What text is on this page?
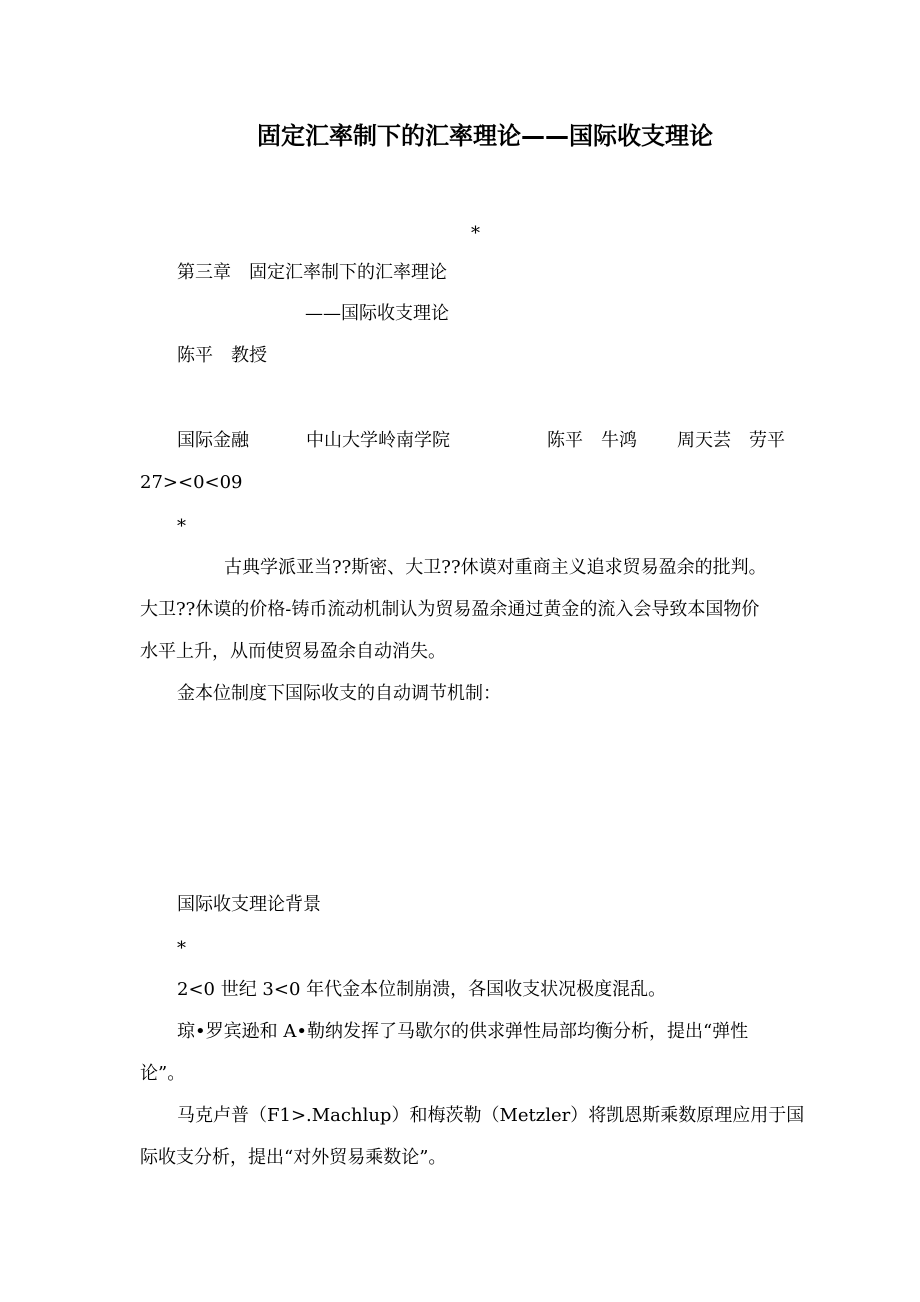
固定汇率制下的汇率理论——国际收支理论
*
第三章　固定汇率制下的汇率理论
——国际收支理论
陈平　教授
国际金融	中山大学岭南学院	陈平　牛鸿 周天芸　劳平
27><0<09
*
古典学派亚当??斯密、大卫??休谟对重商主义追求贸易盈余的批判。
大卫??休谟的价格-铸币流动机制认为贸易盈余通过黄金的流入会导致本国物价
水平上升，从而使贸易盈余自动消失。
金本位制度下国际收支的自动调节机制：
国际收支理论背景
*
2<0 世纪 3<0 年代金本位制崩溃，各国收支状况极度混乱。
琼•罗宾逊和 A•勒纳发挥了马歇尔的供求弹性局部均衡分析，提出“弹性
论”。
马克卢普（F1>.Machlup）和梅茨勒（Metzler）将凯恩斯乘数原理应用于国
际收支分析，提出“对外贸易乘数论”。
